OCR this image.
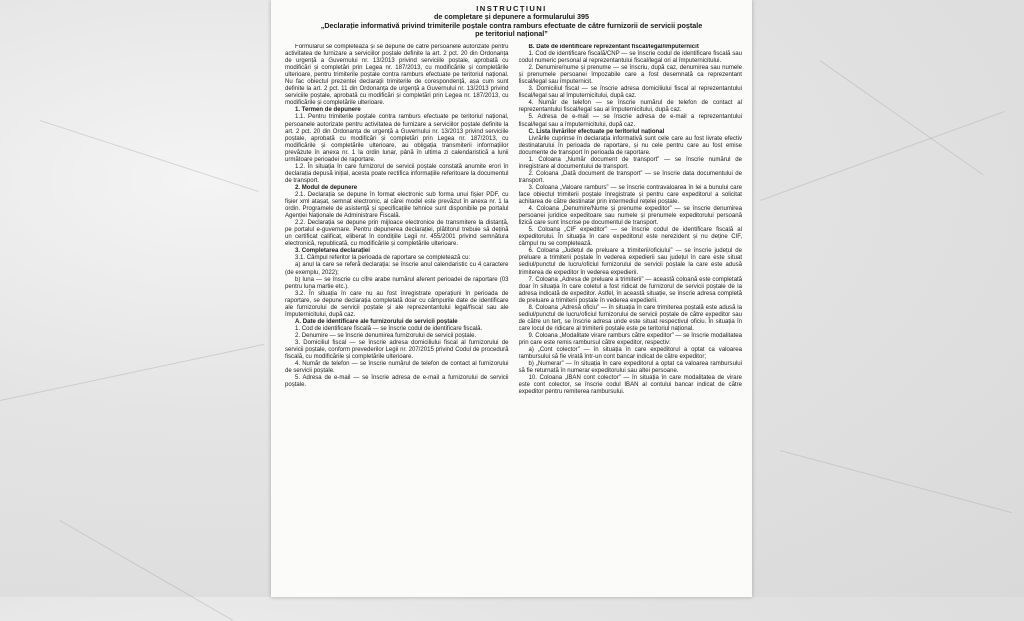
INSTRUCȚIUNI
de completare și depunere a formularului 395
„Declarație informativă privind trimiterile poștale contra ramburs efectuate de către furnizorii de servicii poștale
pe teritoriul național”

Formularul se completează și se depune de către persoanele autorizate pentru activitatea de furnizare a serviciilor poștale definite la art. 2 pct. 20 din Ordonanța de urgență a Guvernului nr. 13/2013 privind serviciile poștale, aprobată cu modificări și completări prin Legea nr. 187/2013, cu modificările și completările ulterioare, pentru trimiterile poștale contra ramburs efectuate pe teritoriul național. Nu fac obiectul prezentei declarații trimiterile de corespondență, așa cum sunt definite la art. 2 pct. 11 din Ordonanța de urgență a Guvernului nr. 13/2013 privind serviciile poștale, aprobată cu modificări și completări prin Legea nr. 187/2013, cu modificările și completările ulterioare.

1. Termen de depunere

1.1. Pentru trimiterile poștale contra ramburs efectuate pe teritoriul național, persoanele autorizate pentru activitatea de furnizare a serviciilor poștale definite la art. 2 pct. 20 din Ordonanța de urgență a Guvernului nr. 13/2013 privind serviciile poștale, aprobată cu modificări și completări prin Legea nr. 187/2013, cu modificările și completările ulterioare, au obligația transmiterii informațiilor prevăzute în anexa nr. 1 la ordin lunar, până în ultima zi calendaristică a lunii următoare perioadei de raportare.

1.2. În situația în care furnizorul de servicii poștale constată anumite erori în declarația depusă inițial, acesta poate rectifica informațiile referitoare la documentul de transport.

2. Modul de depunere

2.1. Declarația se depune în format electronic sub forma unui fișier PDF, cu fișier xml atașat, semnat electronic, al cărei model este prevăzut în anexa nr. 1 la ordin. Programele de asistență și specificațiile tehnice sunt disponibile pe portalul Agenției Naționale de Administrare Fiscală.

2.2. Declarația se depune prin mijloace electronice de transmitere la distanță, pe portalul e-guvernare. Pentru depunerea declarației, plătitorul trebuie să dețină un certificat calificat, eliberat în condițiile Legii nr. 455/2001 privind semnătura electronică, republicată, cu modificările și completările ulterioare.

3. Completarea declarației

3.1. Câmpul referitor la perioada de raportare se completează cu:

a) anul la care se referă declarația: se înscrie anul calendaristic cu 4 caractere (de exemplu, 2022);

b) luna — se înscrie cu cifre arabe numărul aferent perioadei de raportare (03 pentru luna martie etc.).

3.2. În situația în care nu au fost înregistrate operațiuni în perioada de raportare, se depune declarația completată doar cu câmpurile date de identificare ale furnizorului de servicii poștale și ale reprezentantului legal/fiscal sau ale împuternicitului, după caz.

A. Date de identificare ale furnizorului de servicii poștale

1. Cod de identificare fiscală — se înscrie codul de identificare fiscală.

2. Denumire — se înscrie denumirea furnizorului de servicii poștale.

3. Domiciliul fiscal — se înscrie adresa domiciliului fiscal al furnizorului de servicii poștale, conform prevederilor Legii nr. 207/2015 privind Codul de procedură fiscală, cu modificările și completările ulterioare.

4. Număr de telefon — se înscrie numărul de telefon de contact al furnizorului de servicii poștale.

5. Adresa de e-mail — se înscrie adresa de e-mail a furnizorului de servicii poștale.

B. Date de identificare reprezentant fiscal/legal/împuternicit

1. Cod de identificare fiscală/CNP — se înscrie codul de identificare fiscală sau codul numeric personal al reprezentantului fiscal/legal ori al împuternicitului.

2. Denumire/nume și prenume — se înscriu, după caz, denumirea sau numele și prenumele persoanei împozabile care a fost desemnată ca reprezentant fiscal/legal sau împuternicit.

3. Domiciliul fiscal — se înscrie adresa domiciliului fiscal al reprezentantului fiscal/legal sau al împuternicitului, după caz.

4. Număr de telefon — se înscrie numărul de telefon de contact al reprezentantului fiscal/legal sau al împuternicitului, după caz.

5. Adresa de e-mail — se înscrie adresa de e-mail a reprezentantului fiscal/legal sau a împuternicitului, după caz.

C. Lista livrărilor efectuate pe teritoriul național

Livrările cuprinse în declarația informativă sunt cele care au fost livrate efectiv destinatarului în perioada de raportare, și nu cele pentru care au fost emise documente de transport în perioada de raportare.

1. Coloana „Număr document de transport” — se înscrie numărul de înregistrare al documentului de transport.

2. Coloana „Dată document de transport” — se înscrie data documentului de transport.

3. Coloana „Valoare ramburs” — se înscrie contravaloarea în lei a bunului care face obiectul trimiterii poștale înregistrate și pentru care expeditorul a solicitat achitarea de către destinatar prin intermediul rețelei poștale.

4. Coloana „Denumire/Nume și prenume expeditor” — se înscrie denumirea persoanei juridice expeditoare sau numele și prenumele expeditorului persoană fizică care sunt înscrise pe documentul de transport.

5. Coloana „CIF expeditor” — se înscrie codul de identificare fiscală al expeditorului. În situația în care expeditorul este nerezident și nu deține CIF, câmpul nu se completează.

6. Coloana „Județul de preluare a trimiterii/oficiului” — se înscrie județul de preluare a trimiterii poștale în vederea expedierii sau județul în care este situat sediul/punctul de lucru/oficiul furnizorului de servicii poștale la care este adusă trimiterea de expeditor în vederea expedierii.

7. Coloana „Adresa de preluare a trimiterii” — această coloană este completată doar în situația în care coletul a fost ridicat de furnizorul de servicii poștale de la adresa indicată de expeditor. Astfel, în această situație, se înscrie adresa completă de preluare a trimiterii poștale în vederea expedierii.

8. Coloana „Adresă oficiu” — în situația în care trimiterea poștală este adusă la sediul/punctul de lucru/oficiul furnizorului de servicii poștale de către expeditor sau de către un terț, se înscrie adresa unde este situat respectivul oficiu. În situația în care locul de ridicare al trimiterii poștale este pe teritoriul național.

9. Coloana „Modalitate virare ramburs către expeditor” — se înscrie modalitatea prin care este remis rambursul către expeditor, respectiv:

a) „Cont colector” — în situația în care expeditorul a optat ca valoarea rambursului să fie virată într-un cont bancar indicat de către expeditor;

b) „Numerar” — în situația în care expeditorul a optat ca valoarea rambursului să fie returnată în numerar expeditorului sau altei persoane.

10. Coloana „IBAN cont colector” — în situația în care modalitatea de virare este cont colector, se înscrie codul IBAN al contului bancar indicat de către expeditor pentru remiterea rambursului.
